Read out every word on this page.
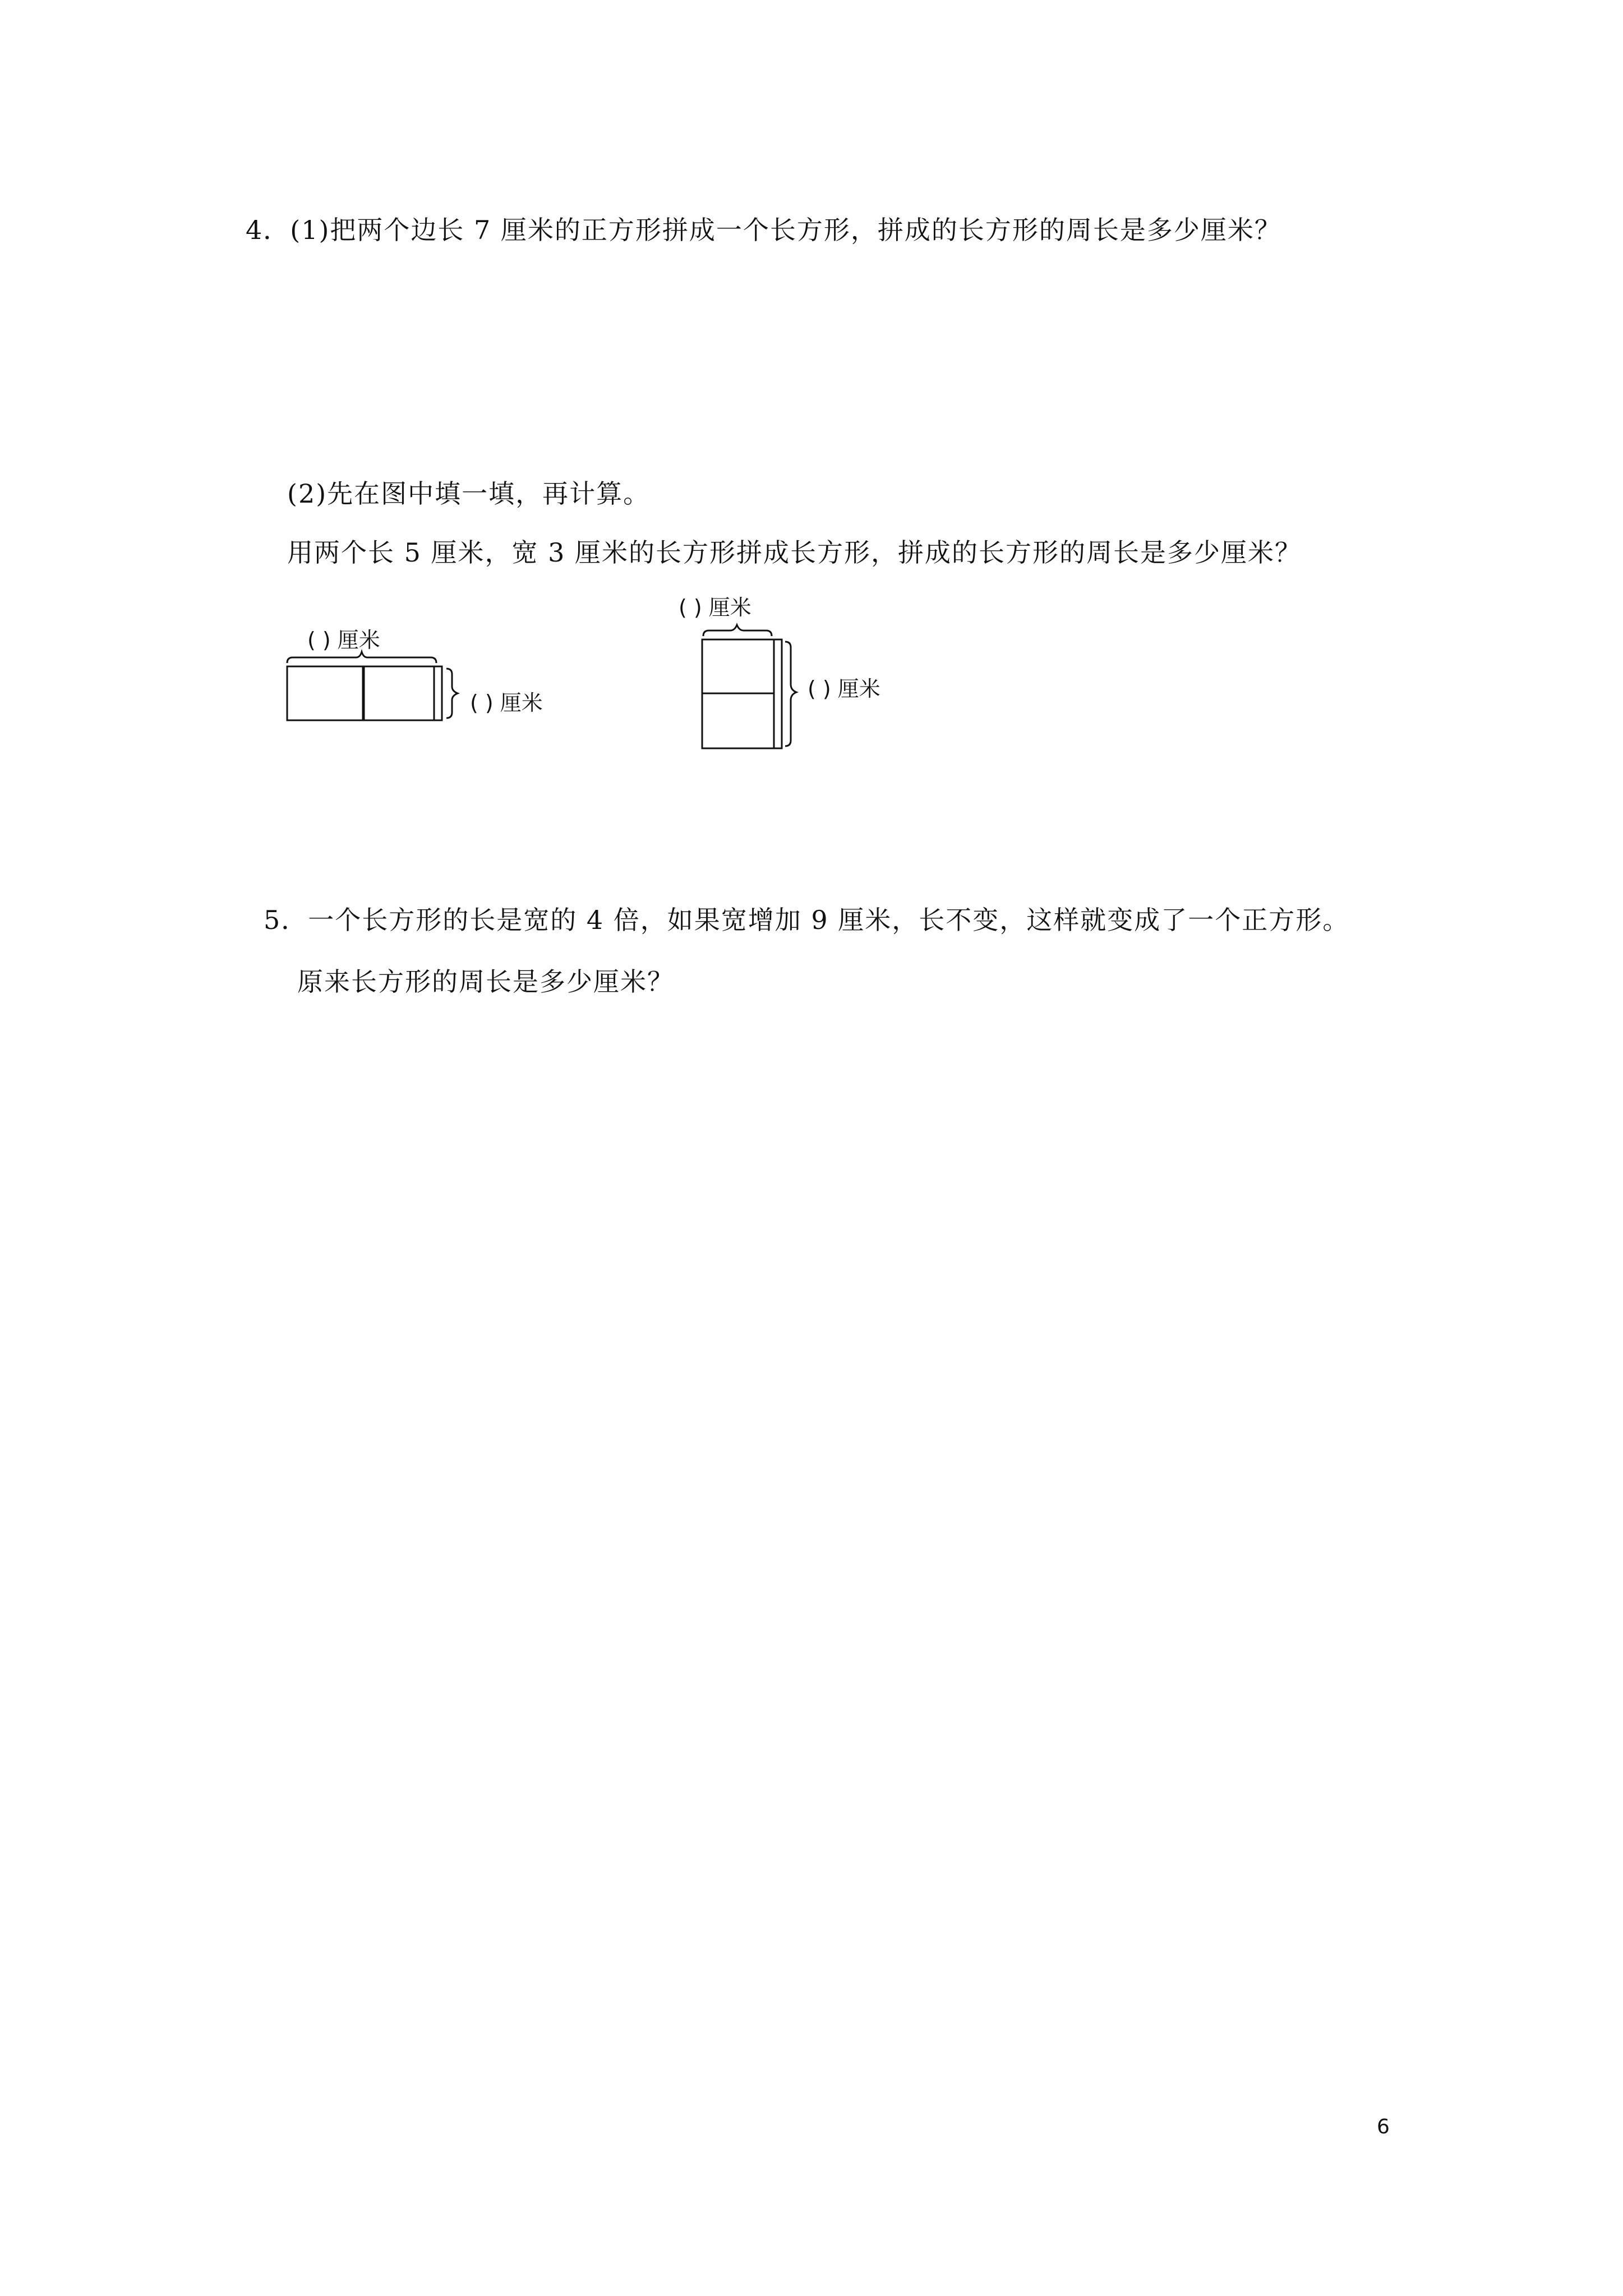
4．(1)把两个边长 7 厘米的正方形拼成一个长方形，拼成的长方形的周长是多少厘米？
(2)先在图中填一填，再计算。
用两个长 5 厘米，宽 3 厘米的长方形拼成长方形，拼成的长方形的周长是多少厘米？
( ) 厘米
( ) 厘米
( ) 厘米
( ) 厘米
5．一个长方形的长是宽的 4 倍，如果宽增加 9 厘米，长不变，这样就变成了一个正方形。
原来长方形的周长是多少厘米？
6
